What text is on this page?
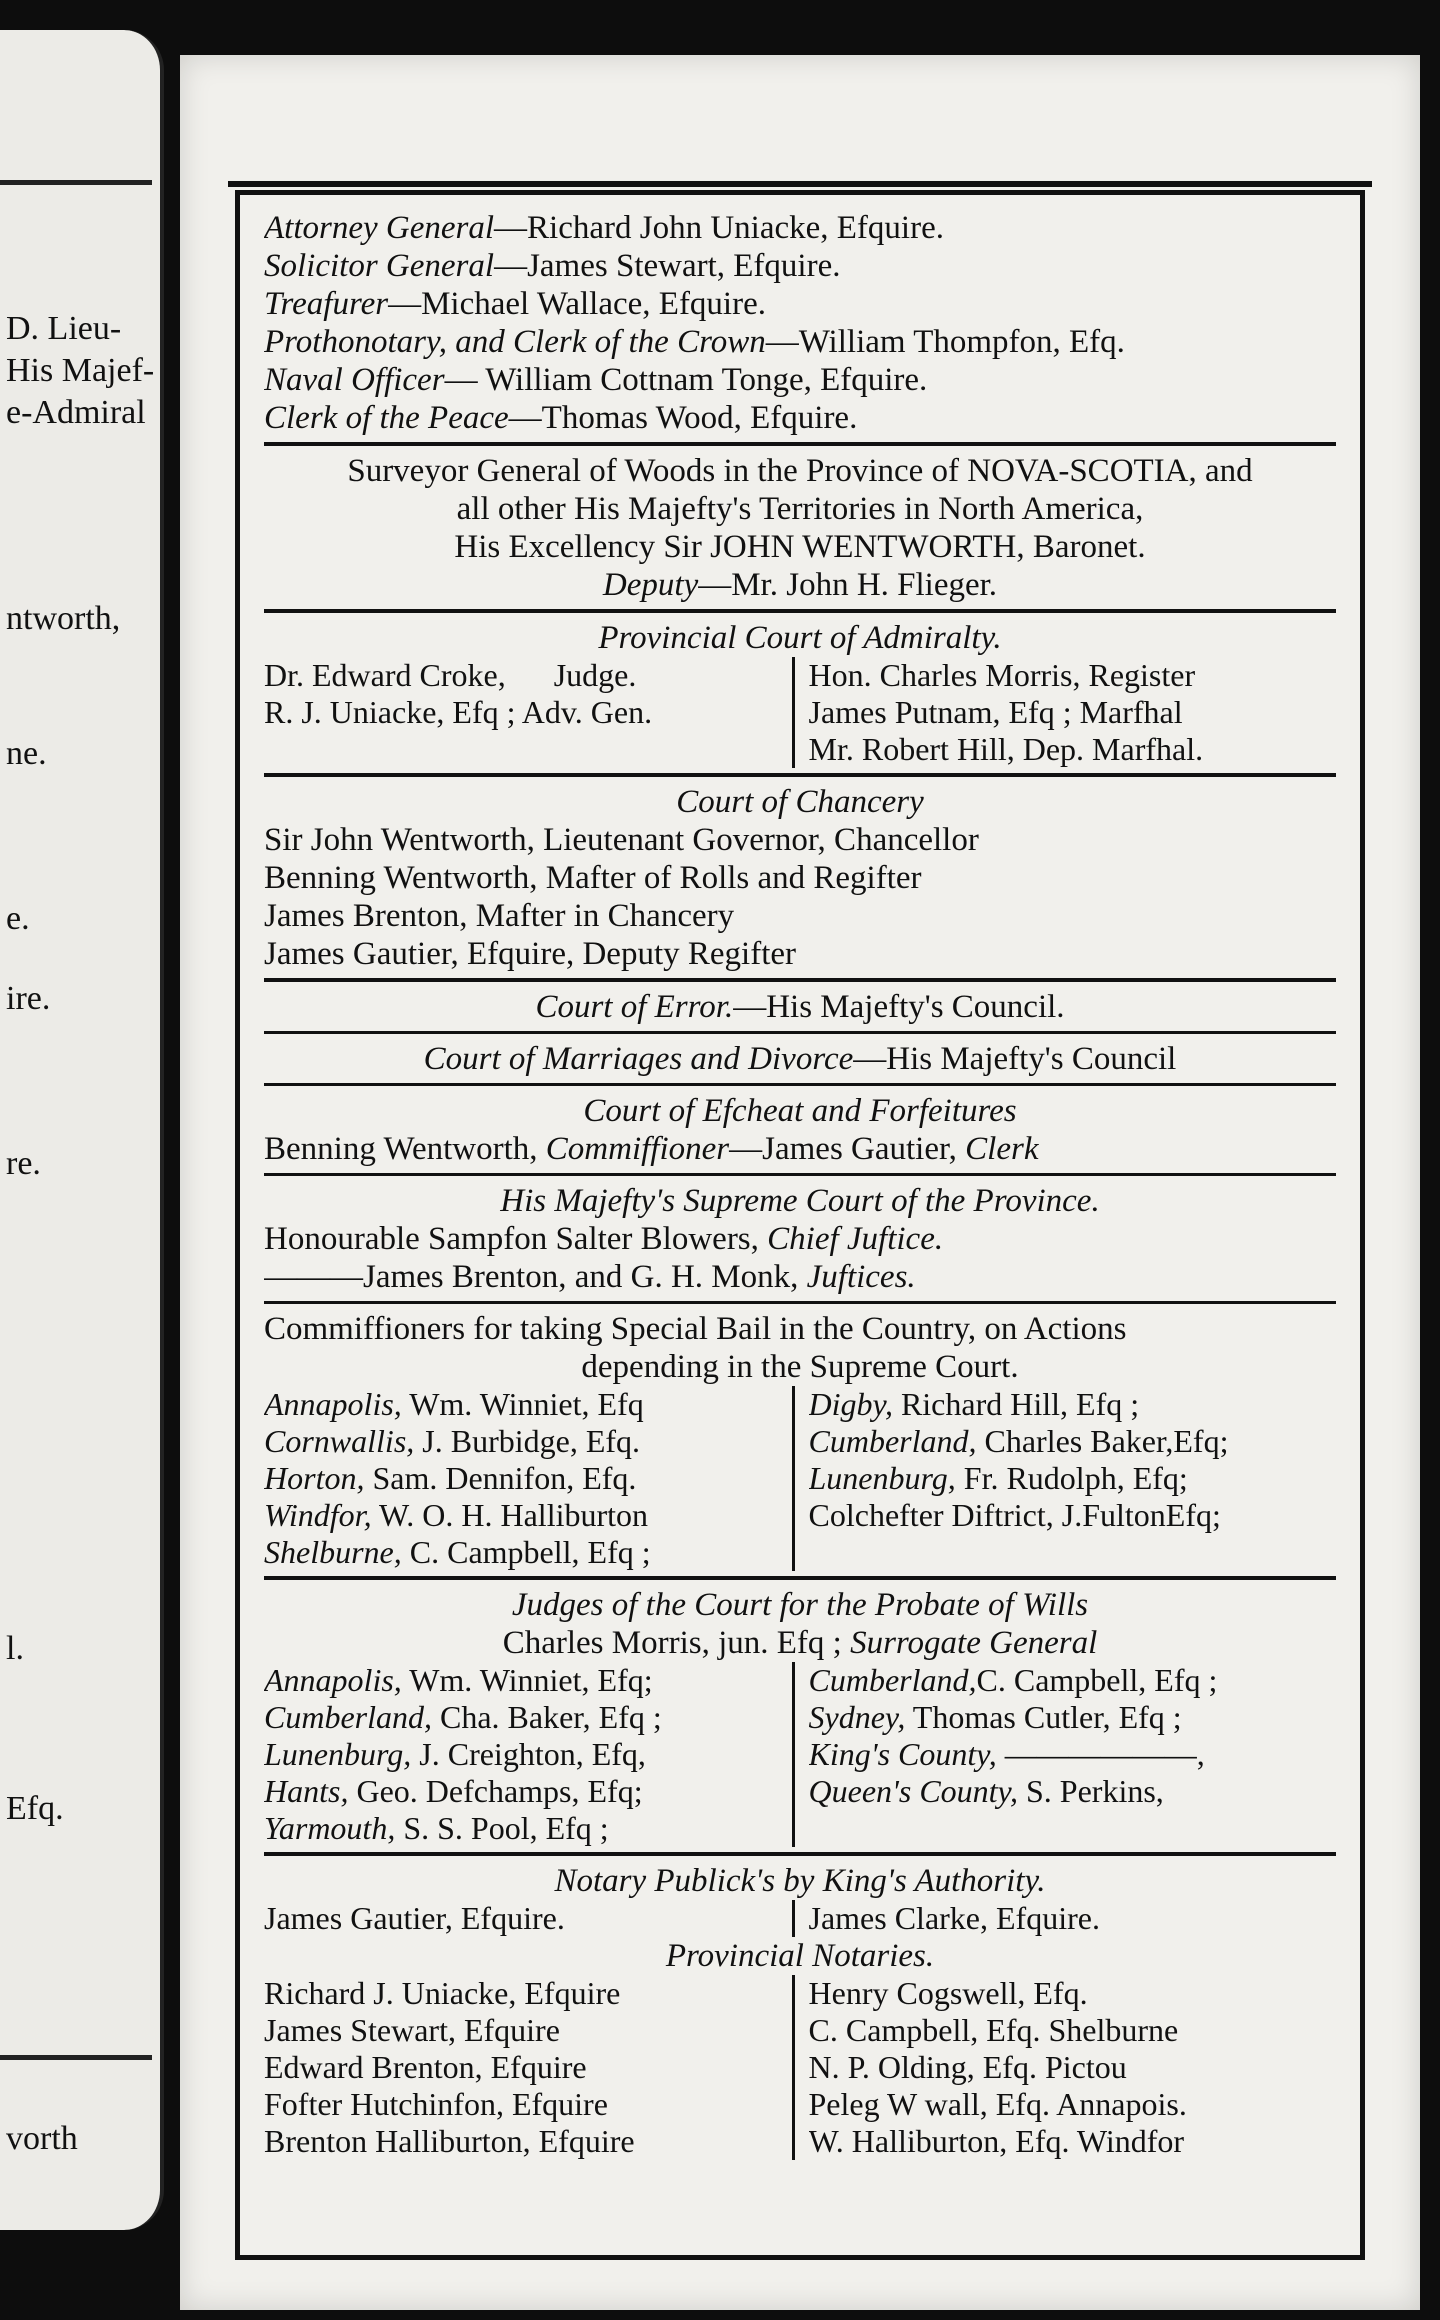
D. Lieu-
His Majef-
e-Admiral
ntworth,
ne.
e.
ire.
re.
l.
Efq.
vorth
Attorney General—Richard John Uniacke, Efquire.
Solicitor General—James Stewart, Efquire.
Treafurer—Michael Wallace, Efquire.
Prothonotary, and Clerk of the Crown—William Thompfon, Efq.
Naval Officer— William Cottnam Tonge, Efquire.
Clerk of the Peace—Thomas Wood, Efquire.
Surveyor General of Woods in the Province of NOVA-SCOTIA, and
all other His Majefty's Territories in North America,
His Excellency Sir JOHN WENTWORTH, Baronet.
Deputy—Mr. John H. Flieger.
Provincial Court of Admiralty.
Dr. Edward Croke,      Judge.
R. J. Uniacke, Efq ; Adv. Gen.
Hon. Charles Morris, Register
James Putnam, Efq ; Marfhal
Mr. Robert Hill, Dep. Marfhal.
Court of Chancery
Sir John Wentworth, Lieutenant Governor, Chancellor
Benning Wentworth, Mafter of Rolls and Regifter
James Brenton, Mafter in Chancery
James Gautier, Efquire, Deputy Regifter
Court of Error.—His Majefty's Council.
Court of Marriages and Divorce—His Majefty's Council
Court of Efcheat and Forfeitures
Benning Wentworth, Commiffioner—James Gautier, Clerk
His Majefty's Supreme Court of the Province.
Honourable Sampfon Salter Blowers, Chief Juftice.
———James Brenton, and G. H. Monk, Juftices.
Commiffioners for taking Special Bail in the Country, on Actions
depending in the Supreme Court.
Annapolis, Wm. Winniet, Efq
Cornwallis, J. Burbidge, Efq.
Horton, Sam. Dennifon, Efq.
Windfor, W. O. H. Halliburton
Shelburne, C. Campbell, Efq ;
Digby, Richard Hill, Efq ;
Cumberland, Charles Baker,Efq;
Lunenburg, Fr. Rudolph, Efq;
Colchefter Diftrict, J.FultonEfq;
Judges of the Court for the Probate of Wills
Charles Morris, jun. Efq ; Surrogate General
Annapolis, Wm. Winniet, Efq;
Cumberland, Cha. Baker, Efq ;
Lunenburg, J. Creighton, Efq,
Hants, Geo. Defchamps, Efq;
Yarmouth, S. S. Pool, Efq ;
Cumberland,C. Campbell, Efq ;
Sydney, Thomas Cutler, Efq ;
King's County, ——————,
Queen's County, S. Perkins,
Notary Publick's by King's Authority.
James Gautier, Efquire.	James Clarke, Efquire.
Provincial Notaries.
Richard J. Uniacke, Efquire
James Stewart, Efquire
Edward Brenton, Efquire
Fofter Hutchinfon, Efquire
Brenton Halliburton, Efquire
Henry Cogswell, Efq.
C. Campbell, Efq. Shelburne
N. P. Olding, Efq. Pictou
Peleg W wall, Efq. Annapois.
W. Halliburton, Efq. Windfor
